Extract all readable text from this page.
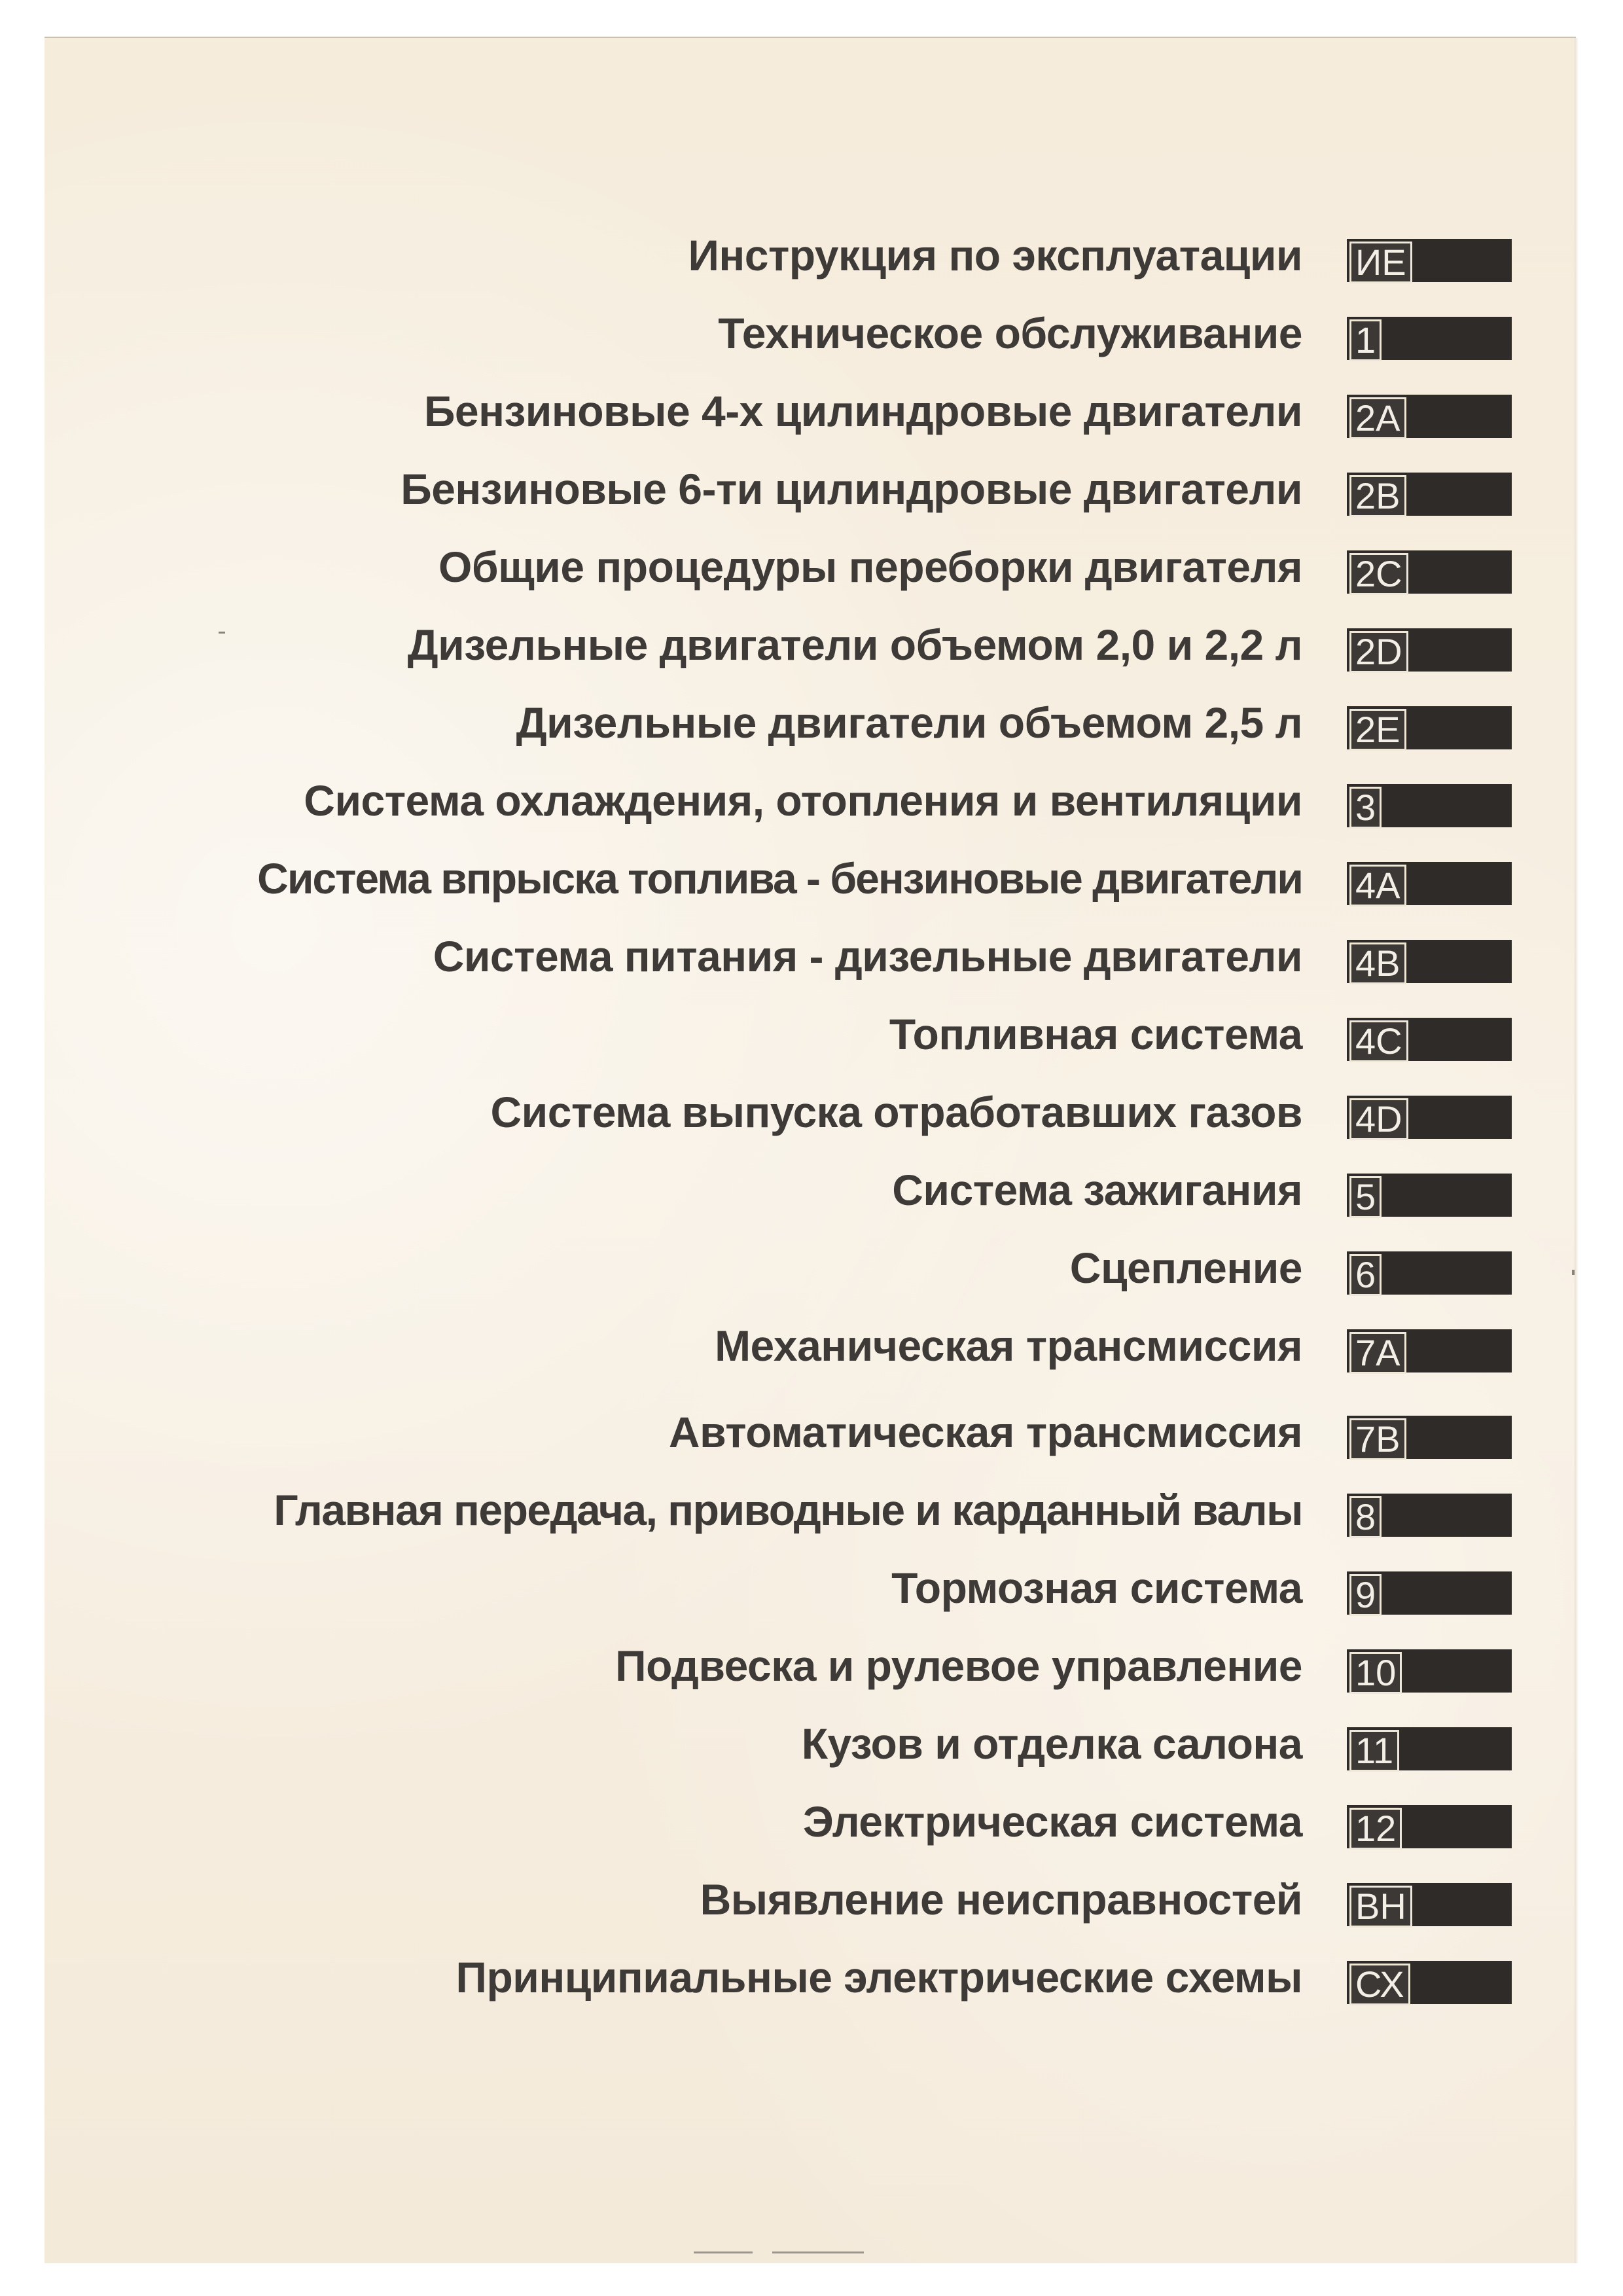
Инструкция по эксплуатации ИЕ
Техническое обслуживание 1
Бензиновые 4-х цилиндровые двигатели 2A
Бензиновые 6-ти цилиндровые двигатели 2B
Общие процедуры переборки двигателя 2C
Дизельные двигатели объемом 2,0 и 2,2 л 2D
Дизельные двигатели объемом 2,5 л 2E
Система охлаждения, отопления и вентиляции 3
Система впрыска топлива - бензиновые двигатели 4A
Система питания - дизельные двигатели 4B
Топливная система 4C
Система выпуска отработавших газов 4D
Система зажигания 5
Сцепление 6
Механическая трансмиссия 7A
Автоматическая трансмиссия 7B
Главная передача, приводные и карданный валы 8
Тормозная система 9
Подвеска и рулевое управление 10
Кузов и отделка салона 11
Электрическая система 12
Выявление неисправностей ВН
Принципиальные электрические схемы СХ
